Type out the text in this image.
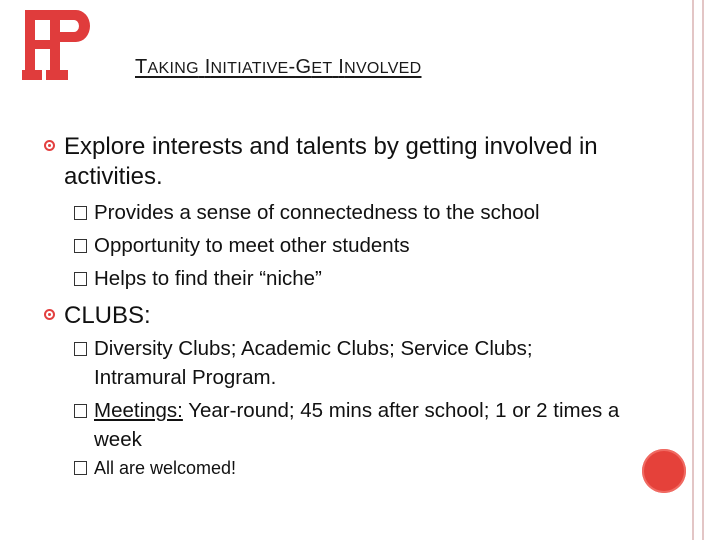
TAKING INITIATIVE-GET INVOLVED
Explore interests and talents by getting involved in activities.
Provides a sense of connectedness to the school
Opportunity to meet other students
Helps to find their “niche”
CLUBS:
Diversity Clubs; Academic Clubs; Service Clubs; Intramural Program.
Meetings: Year-round; 45 mins after school; 1 or 2 times a week
All are welcomed!
